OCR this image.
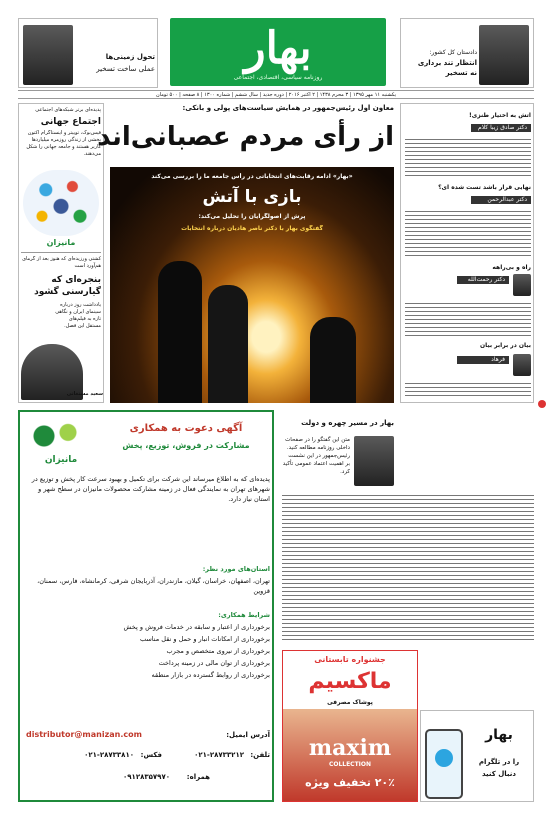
دادستان کل کشور:
انتظار تند برداری
نه تسخیر
بهار
روزنامه سیاسی، اقتصادی، اجتماعی
تحول زمینی‌ها
عملی ساخت تسخیر
یکشنبه ۱۱ مهر ۱۳۹۵ | ۳ محرم ۱۴۳۸ | ۲ اکتبر ۲۰۱۶ | دوره جدید | سال ششم | شماره ۱۳۰۰ | ۸ صفحه | ۵۰۰ تومان
پدیده‌ای برتر شبکه‌های اجتماعی
اجتماع جهانی
فیس‌بوک، توییتر و اینستاگرام اکنون بخشی از زندگی روزمره میلیاردها کاربر هستند و جامعه جهانی را شکل می‌دهند.
مانیزان
کشتی ورزیده‌ای که هنوز بعد از گرمای هم‌آورد است
بنجره‌ای که گیارسنی گشود
یادداشت روز درباره سینمای ایران و نگاهی تازه به فیلم‌های مستقل این فصل.
سعید مستغاثی
معاون اول رئیس‌جمهور در همایش سیاست‌های پولی و بانکی:
از رأی مردم عصبانی‌اند
«بهار» ادامه رقابت‌های انتخاباتی در رأس جامعه ما را بررسی می‌کند
بازی با آتش
پرش از اصولگرایان را تحلیل می‌کند:
گفتگوی بهار با دکتر ناصر هادیان درباره انتخابات
آتش به اختیار طنزی!
دکتر صادق زیبا کلام
نهایی قرار باشد تست شده ای؟
دکتر عبدالرحمن
راه و بی‌راهه
دکتر رحمت‌الله
بیان در برابر بیان
فرهاد
مانیزان
آگهی دعوت به همکاری
مشارکت در فروش، توزیع، پخش
پدیده‌ای که به اطلاع میرساند این شرکت برای تکمیل و بهبود سرعت کار پخش و توزیع در شهرهای تهران به نمایندگی فعال در زمینه مشارکت محصولات مانیزان در سطح شهر و استان نیاز دارد.
استان‌های مورد نظر:
تهران، اصفهان، خراسان، گیلان، مازندران، آذربایجان شرقی، کرمانشاه، فارس، سمنان، قزوین
شرایط همکاری:
برخورداری از اعتبار و سابقه در خدمات فروش و پخش
برخورداری از امکانات انبار و حمل و نقل مناسب
برخورداری از نیروی متخصص و مجرب
برخورداری از توان مالی در زمینه پرداخت
برخورداری از روابط گسترده در بازار منطقه
آدرس ایمیل:
distributor@manizan.com
تلفن:
۰۲۱-۲۸۷۳۳۲۱۲
فکس:
۰۲۱-۲۸۷۳۳۸۱۰
همراه:
۰۹۱۲۸۳۵۷۹۷۰
بهار در مسیر چهره و دولت
متن این گفتگو را در صفحات داخلی روزنامه مطالعه کنید. رئیس‌جمهور در این نشست بر اهمیت اعتماد عمومی تأکید کرد.
جشنواره تابستانی
ماکسیم
پوشاک مصرفی
maxim
COLLECTION
۲۰٪ تخفیف ویژه
بهار
را در تلگرام
دنبال کنید
